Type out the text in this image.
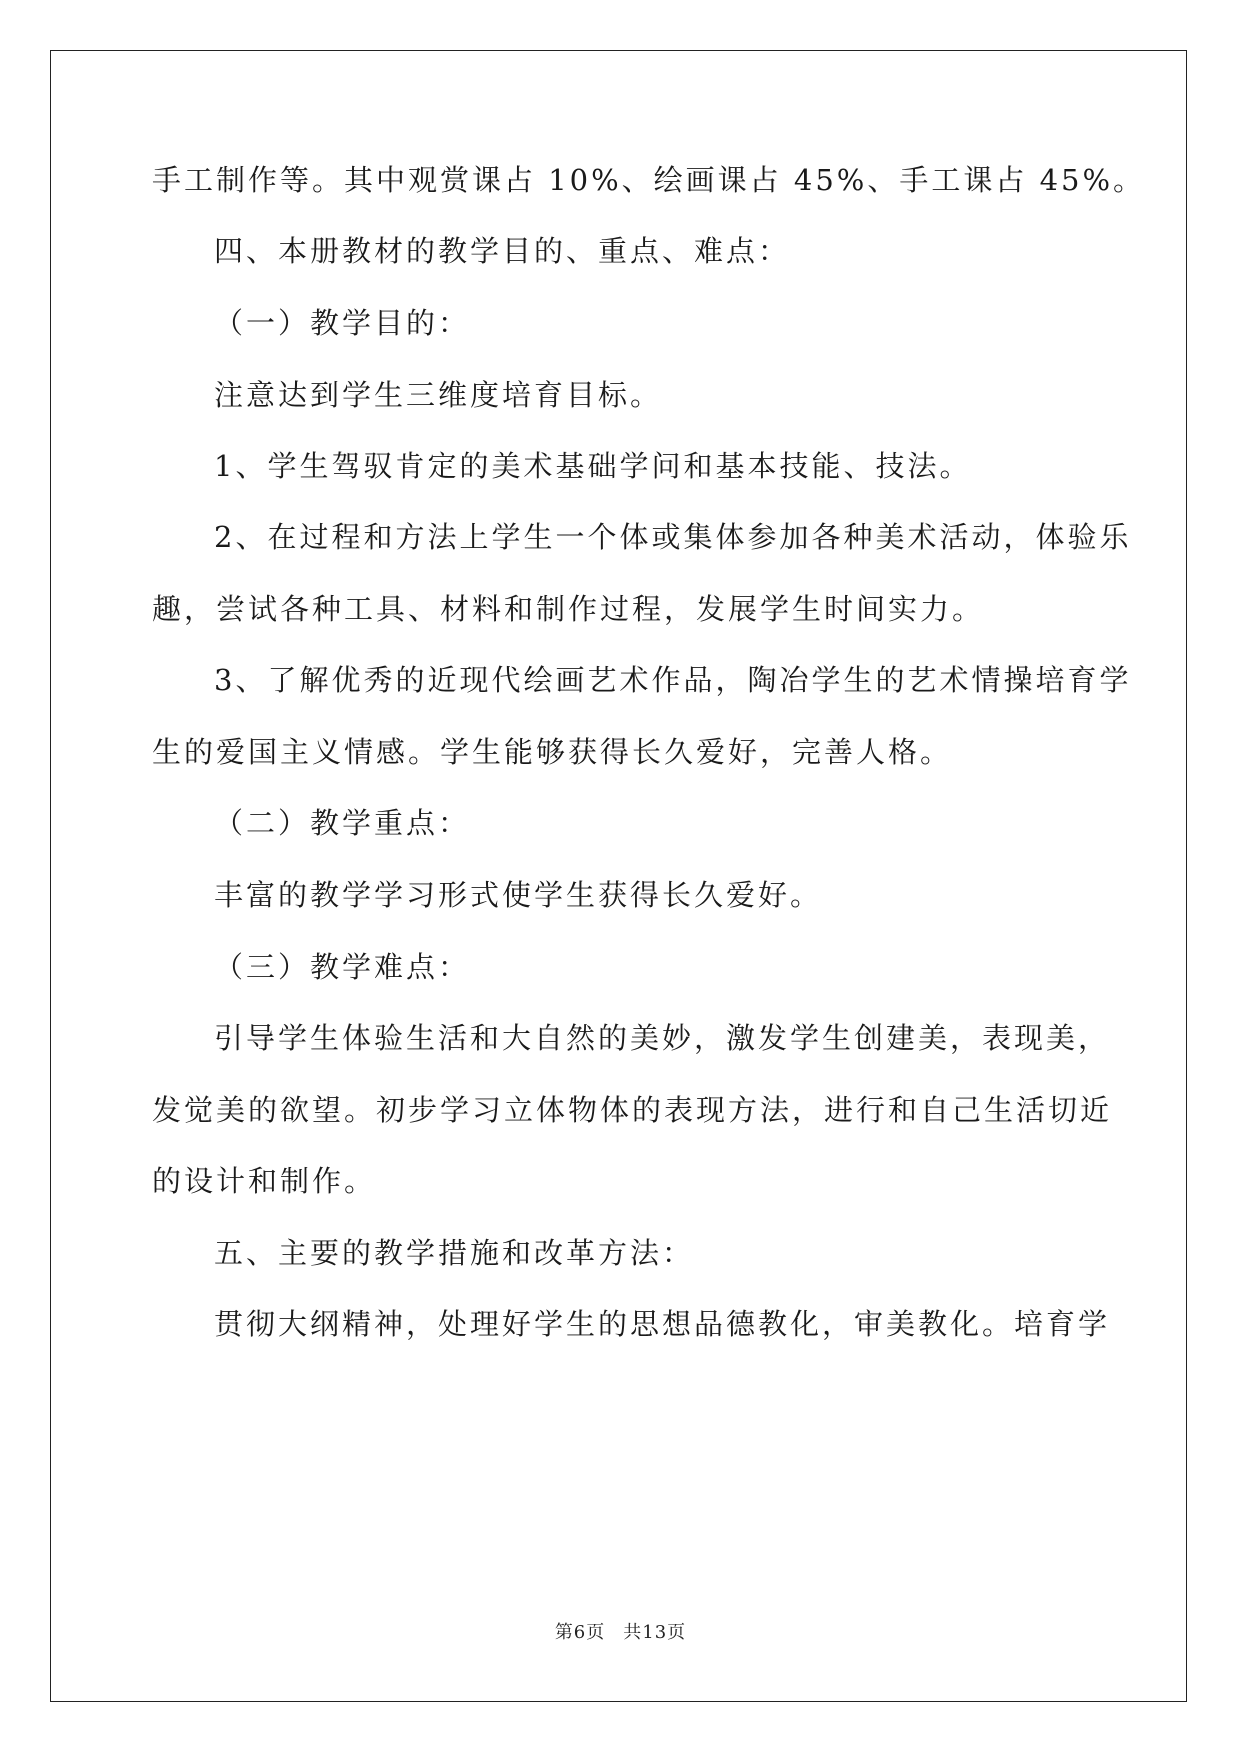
手工制作等。其中观赏课占 10%、绘画课占 45%、手工课占 45%。
四、本册教材的教学目的、重点、难点：
（一）教学目的：
注意达到学生三维度培育目标。
1、学生驾驭肯定的美术基础学问和基本技能、技法。
2、在过程和方法上学生一个体或集体参加各种美术活动，体验乐
趣，尝试各种工具、材料和制作过程，发展学生时间实力。
3、了解优秀的近现代绘画艺术作品，陶冶学生的艺术情操培育学
生的爱国主义情感。学生能够获得长久爱好，完善人格。
（二）教学重点：
丰富的教学学习形式使学生获得长久爱好。
（三）教学难点：
引导学生体验生活和大自然的美妙，激发学生创建美，表现美，
发觉美的欲望。初步学习立体物体的表现方法，进行和自己生活切近
的设计和制作。
五、主要的教学措施和改革方法：
贯彻大纲精神，处理好学生的思想品德教化，审美教化。培育学
第6页 共13页
